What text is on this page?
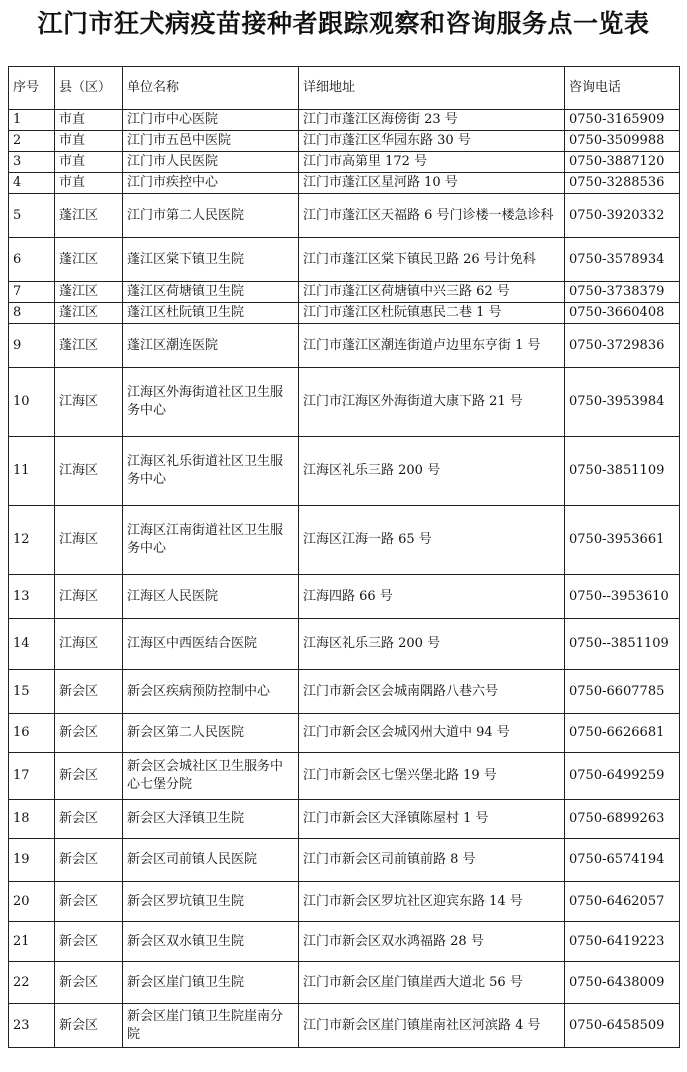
江门市狂犬病疫苗接种者跟踪观察和咨询服务点一览表
序号	县（区）	单位名称	详细地址	咨询电话
1	市直	江门市中心医院	江门市蓬江区海傍街 23 号	0750-3165909
2	市直	江门市五邑中医院	江门市蓬江区华园东路 30 号	0750-3509988
3	市直	江门市人民医院	江门市高第里 172 号	0750-3887120
4	市直	江门市疾控中心	江门市蓬江区星河路 10 号	0750-3288536
5	蓬江区	江门市第二人民医院	江门市蓬江区天福路 6 号门诊楼一楼急诊科	0750-3920332
6	蓬江区	蓬江区棠下镇卫生院	江门市蓬江区棠下镇民卫路 26 号计免科	0750-3578934
7	蓬江区	蓬江区荷塘镇卫生院	江门市蓬江区荷塘镇中兴三路 62 号	0750-3738379
8	蓬江区	蓬江区杜阮镇卫生院	江门市蓬江区杜阮镇惠民二巷 1 号	0750-3660408
9	蓬江区	蓬江区潮连医院	江门市蓬江区潮连街道卢边里东亨街 1 号	0750-3729836
10	江海区	江海区外海街道社区卫生服务中心	江门市江海区外海街道大康下路 21 号	0750-3953984
11	江海区	江海区礼乐街道社区卫生服务中心	江海区礼乐三路 200 号	0750-3851109
12	江海区	江海区江南街道社区卫生服务中心	江海区江海一路 65 号	0750-3953661
13	江海区	江海区人民医院	江海四路 66 号	0750--3953610
14	江海区	江海区中西医结合医院	江海区礼乐三路 200 号	0750--3851109
15	新会区	新会区疾病预防控制中心	江门市新会区会城南隅路八巷六号	0750-6607785
16	新会区	新会区第二人民医院	江门市新会区会城冈州大道中 94 号	0750-6626681
17	新会区	新会区会城社区卫生服务中心七堡分院	江门市新会区七堡兴堡北路 19 号	0750-6499259
18	新会区	新会区大泽镇卫生院	江门市新会区大泽镇陈屋村 1 号	0750-6899263
19	新会区	新会区司前镇人民医院	江门市新会区司前镇前路 8 号	0750-6574194
20	新会区	新会区罗坑镇卫生院	江门市新会区罗坑社区迎宾东路 14 号	0750-6462057
21	新会区	新会区双水镇卫生院	江门市新会区双水鸿福路 28 号	0750-6419223
22	新会区	新会区崖门镇卫生院	江门市新会区崖门镇崖西大道北 56 号	0750-6438009
23	新会区	新会区崖门镇卫生院崖南分院	江门市新会区崖门镇崖南社区河滨路 4 号	0750-6458509
